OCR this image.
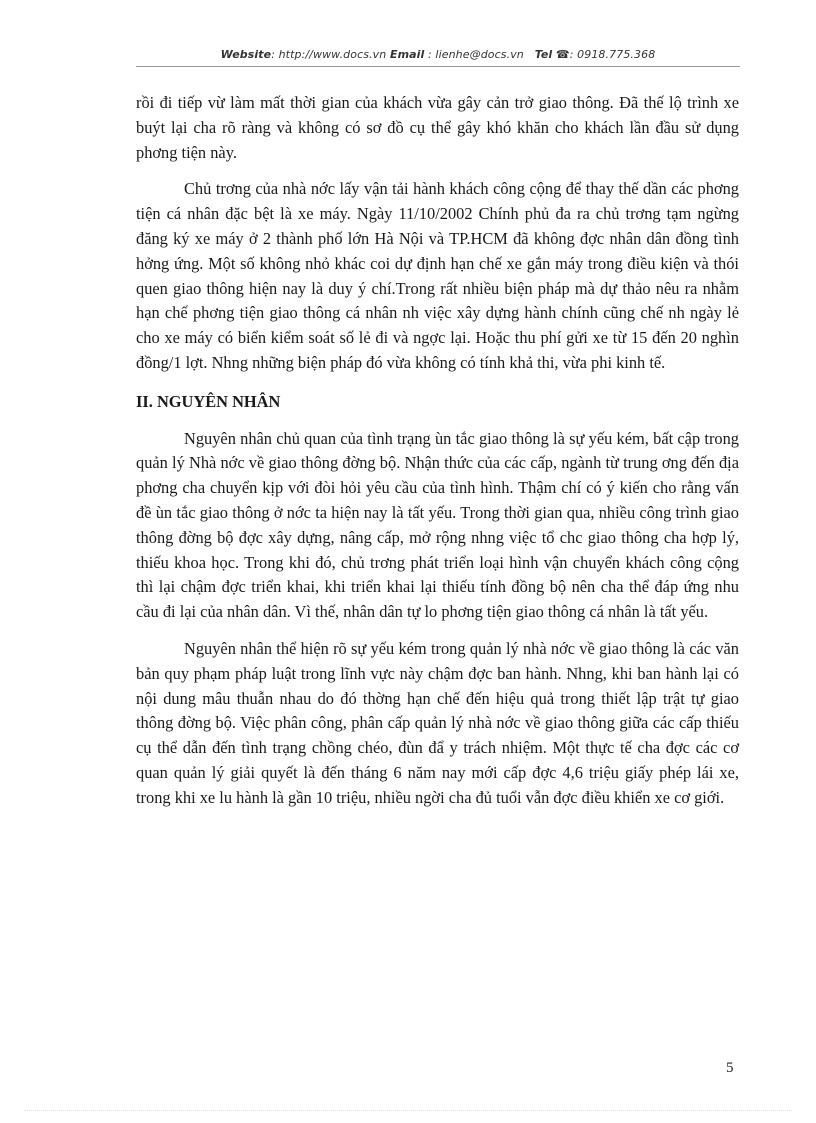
Website: http://www.docs.vn Email : lienhe@docs.vn Tel ☎: 0918.775.368

rồi đi tiếp vừ làm mất thời gian của khách vừa gây cản trở giao thông. Đã thế lộ trình xe buýt lại cha rõ ràng và không có sơ đồ cụ thể gây khó khăn cho khách lần đầu sử dụng phơng tiện này.

Chủ trơng của nhà nớc lấy vận tải hành khách công cộng để thay thế dần các phơng tiện cá nhân đặc bệt là xe máy. Ngày 11/10/2002 Chính phủ đa ra chủ trơng tạm ngừng đăng ký xe máy ở 2 thành phố lớn Hà Nội và TP.HCM đã không đợc nhân dân đồng tình hởng ứng. Một số không nhỏ khác coi dự định hạn chế xe gắn máy trong điều kiện và thói quen giao thông hiện nay là duy ý chí.Trong rất nhiều biện pháp mà dự thảo nêu ra nhằm hạn chế phơng tiện giao thông cá nhân nh việc xây dựng hành chính cũng chế nh ngày lẻ cho xe máy có biển kiểm soát số lẻ đi và ngợc lại. Hoặc thu phí gửi xe từ 15 đến 20 nghìn đồng/1 lợt. Nhng những biện pháp đó vừa không có tính khả thi, vừa phi kinh tế.

II. NGUYÊN NHÂN

Nguyên nhân chủ quan của tình trạng ùn tắc giao thông là sự yếu kém, bất cập trong quản lý Nhà nớc về giao thông đờng bộ. Nhận thức của các cấp, ngành từ trung ơng đến địa phơng cha chuyển kịp với đòi hỏi yêu cầu của tình hình. Thậm chí có ý kiến cho rằng vấn đề ùn tắc giao thông ở nớc ta hiện nay là tất yếu. Trong thời gian qua, nhiều công trình giao thông đờng bộ đợc xây dựng, nâng cấp, mở rộng nhng việc tổ chc giao thông cha hợp lý, thiếu khoa học. Trong khi đó, chủ trơng phát triển loại hình vận chuyển khách công cộng thì lại chậm đợc triển khai, khi triển khai lại thiếu tính đồng bộ nên cha thể đáp ứng nhu cầu đi lại của nhân dân. Vì thế, nhân dân tự lo phơng tiện giao thông cá nhân là tất yếu.

Nguyên nhân thể hiện rõ sự yếu kém trong quản lý nhà nớc về giao thông là các văn bản quy phạm pháp luật trong lĩnh vực này chậm đợc ban hành. Nhng, khi ban hành lại có nội dung mâu thuẫn nhau do đó thờng hạn chế đến hiệu quả trong thiết lập trật tự giao thông đờng bộ. Việc phân công, phân cấp quản lý nhà nớc về giao thông giữa các cấp thiếu cụ thể dẫn đến tình trạng chồng chéo, đùn đẩ y trách nhiệm. Một thực tế cha đợc các cơ quan quản lý giải quyết là đến tháng 6 năm nay mới cấp đợc 4,6 triệu giấy phép lái xe, trong khi xe lu hành là gần 10 triệu, nhiều ngời cha đủ tuổi vẫn đợc điều khiển xe cơ giới.

5
